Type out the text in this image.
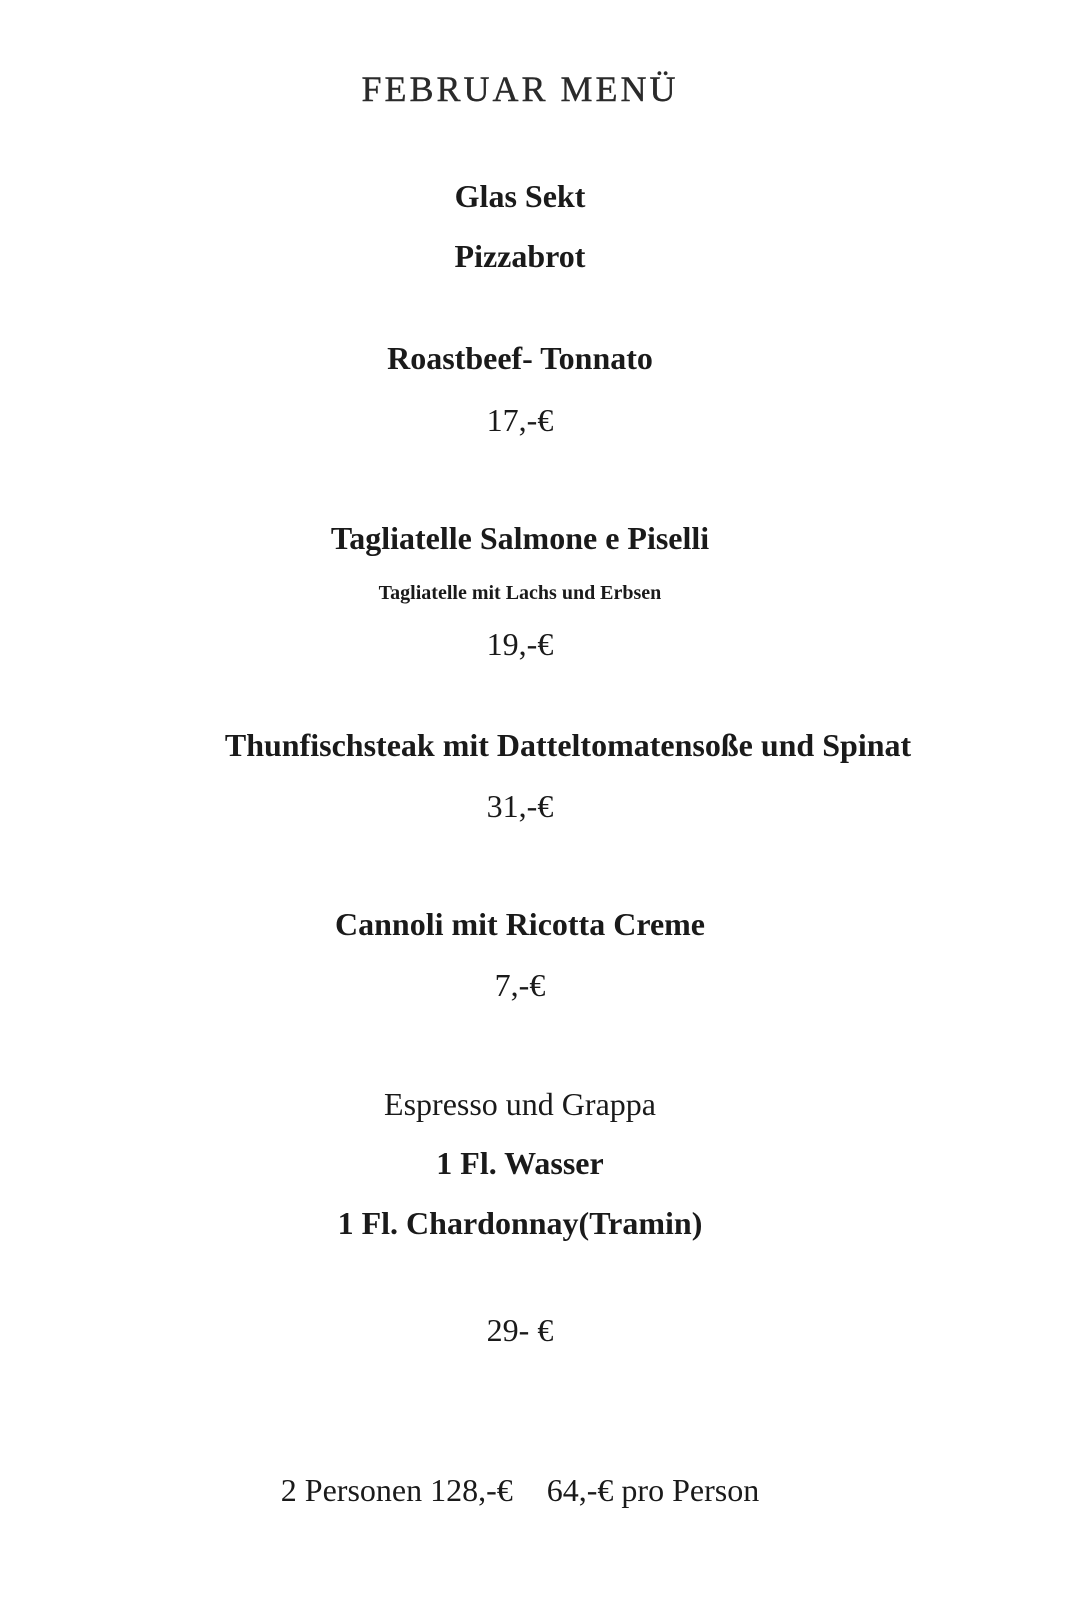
FEBRUAR MENÜ
Glas Sekt
Pizzabrot
Roastbeef- Tonnato
17,-€
Tagliatelle Salmone e Piselli
Tagliatelle mit Lachs und Erbsen
19,-€
Thunfischsteak mit Datteltomatensoße und Spinat
31,-€
Cannoli mit Ricotta Creme
7,-€
Espresso und Grappa
1 Fl. Wasser
1 Fl. Chardonnay(Tramin)
29- €
2 Personen 128,-€ 64,-€ pro Person
